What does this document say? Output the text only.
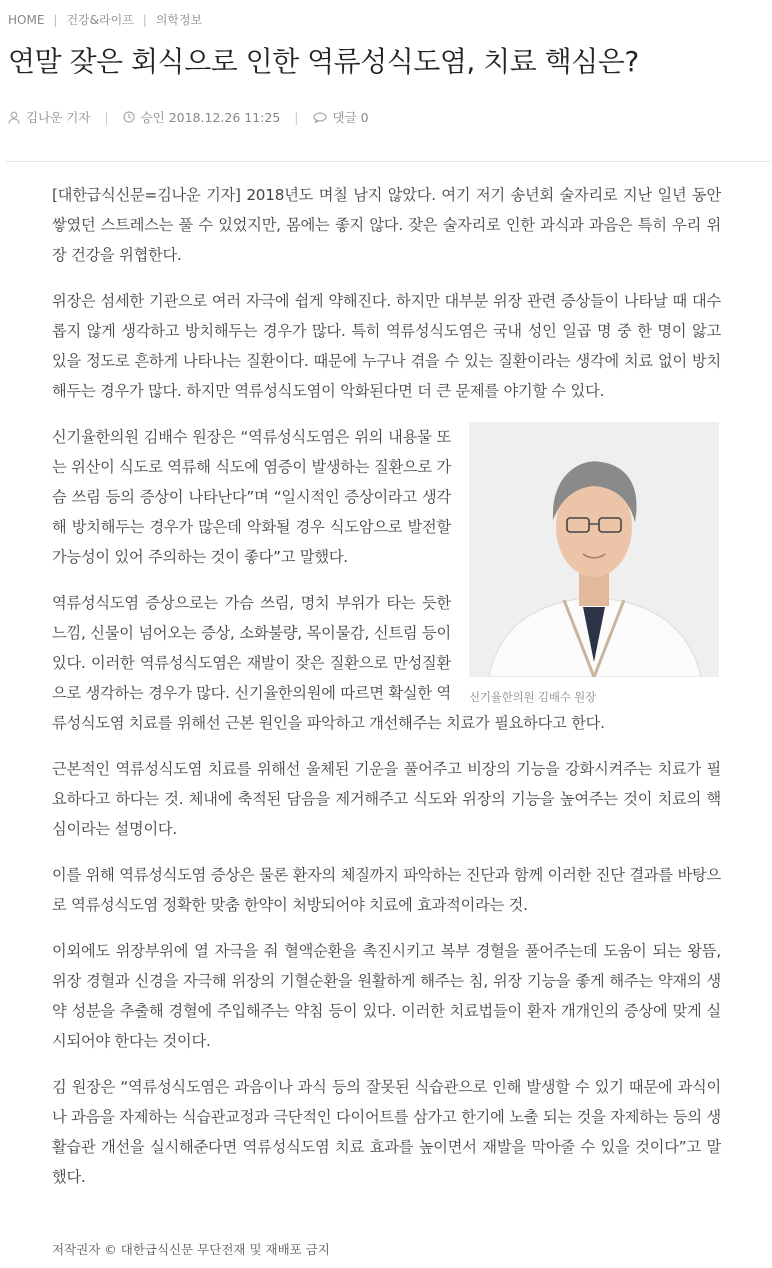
HOME | 건강&라이프 | 의학정보
연말 잦은 회식으로 인한 역류성식도염, 치료 핵심은?
김나운 기자 |	승인 2018.12.26 11:25 |	댓글 0

[대한급식신문=김나운 기자] 2018년도 며칠 남지 않았다. 여기 저기 송년회 술자리로 지난 일년 동안 쌓였던 스트레스는 풀 수 있었지만, 몸에는 좋지 않다. 잦은 술자리로 인한 과식과 과음은 특히 우리 위장 건강을 위협한다.

위장은 섬세한 기관으로 여러 자극에 쉽게 약해진다. 하지만 대부분 위장 관련 증상들이 나타날 때 대수롭지 않게 생각하고 방치해두는 경우가 많다. 특히 역류성식도염은 국내 성인 일곱 명 중 한 명이 앓고 있을 정도로 흔하게 나타나는 질환이다. 때문에 누구나 겪을 수 있는 질환이라는 생각에 치료 없이 방치해두는 경우가 많다. 하지만 역류성식도염이 악화된다면 더 큰 문제를 야기할 수 있다.

신기율한의원 김배수 원장

신기율한의원 김배수 원장은 “역류성식도염은 위의 내용물 또는 위산이 식도로 역류해 식도에 염증이 발생하는 질환으로 가슴 쓰림 등의 증상이 나타난다”며 “일시적인 증상이라고 생각해 방치해두는 경우가 많은데 악화될 경우 식도암으로 발전할 가능성이 있어 주의하는 것이 좋다”고 말했다.

역류성식도염 증상으로는 가슴 쓰림, 명치 부위가 타는 듯한 느낌, 신물이 넘어오는 증상, 소화불량, 목이물감, 신트림 등이 있다. 이러한 역류성식도염은 재발이 잦은 질환으로 만성질환으로 생각하는 경우가 많다. 신기율한의원에 따르면 확실한 역류성식도염 치료를 위해선 근본 원인을 파악하고 개선해주는 치료가 필요하다고 한다.

근본적인 역류성식도염 치료를 위해선 울체된 기운을 풀어주고 비장의 기능을 강화시켜주는 치료가 필요하다고 하다는 것. 체내에 축적된 담음을 제거해주고 식도와 위장의 기능을 높여주는 것이 치료의 핵심이라는 설명이다.

이를 위해 역류성식도염 증상은 물론 환자의 체질까지 파악하는 진단과 함께 이러한 진단 결과를 바탕으로 역류성식도염 정확한 맞춤 한약이 처방되어야 치료에 효과적이라는 것.

이외에도 위장부위에 열 자극을 줘 혈액순환을 촉진시키고 복부 경혈을 풀어주는데 도움이 되는 왕뜸, 위장 경혈과 신경을 자극해 위장의 기혈순환을 원활하게 해주는 침, 위장 기능을 좋게 해주는 약재의 생약 성분을 추출해 경혈에 주입해주는 약침 등이 있다. 이러한 치료법들이 환자 개개인의 증상에 맞게 실시되어야 한다는 것이다.

김 원장은 “역류성식도염은 과음이나 과식 등의 잘못된 식습관으로 인해 발생할 수 있기 때문에 과식이나 과음을 자제하는 식습관교정과 극단적인 다이어트를 삼가고 한기에 노출 되는 것을 자제하는 등의 생활습관 개선을 실시해준다면 역류성식도염 치료 효과를 높이면서 재발을 막아줄 수 있을 것이다”고 말했다.

저작권자 © 대한급식신문 무단전재 및 재배포 금지
